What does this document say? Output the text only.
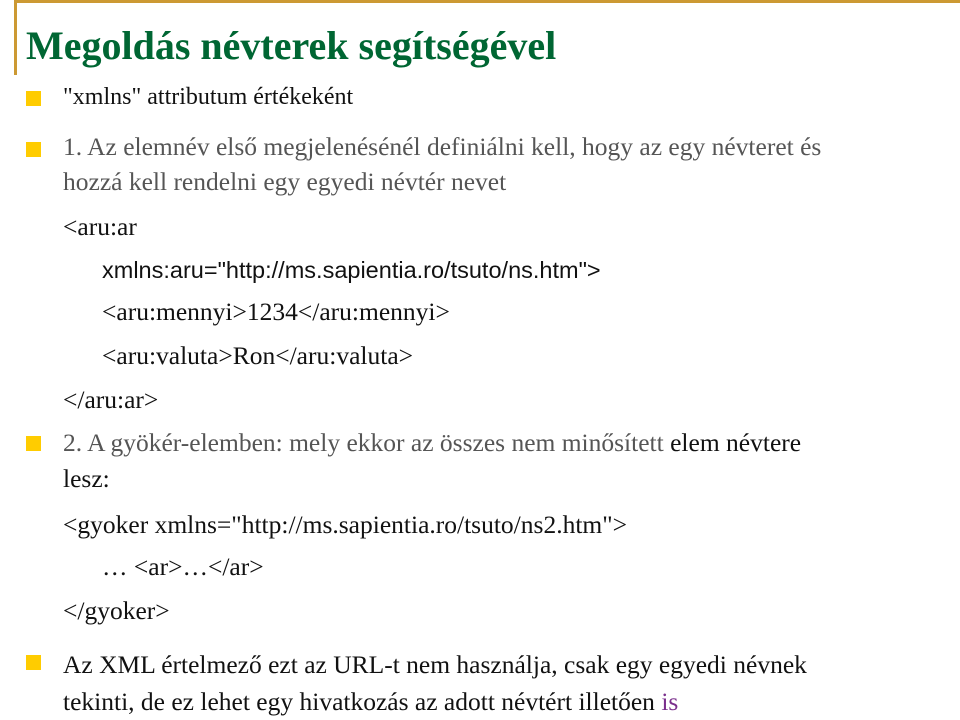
Megoldás névterek segítségével
"xmlns" attributum értékeként
1. Az elemnév első megjelenésénél definiálni kell, hogy az egy névteret és
hozzá kell rendelni egy egyedi névtér nevet
<aru:ar
xmlns:aru="http://ms.sapientia.ro/tsuto/ns.htm">
<aru:mennyi>1234</aru:mennyi>
<aru:valuta>Ron</aru:valuta>
</aru:ar>
2. A gyökér-elemben: mely ekkor az összes nem minősített elem névtere
lesz:
<gyoker xmlns="http://ms.sapientia.ro/tsuto/ns2.htm">
… <ar>…</ar>
</gyoker>
Az XML értelmező ezt az URL-t nem használja, csak egy egyedi névnek
tekinti, de ez lehet egy hivatkozás az adott névtért illetően is
